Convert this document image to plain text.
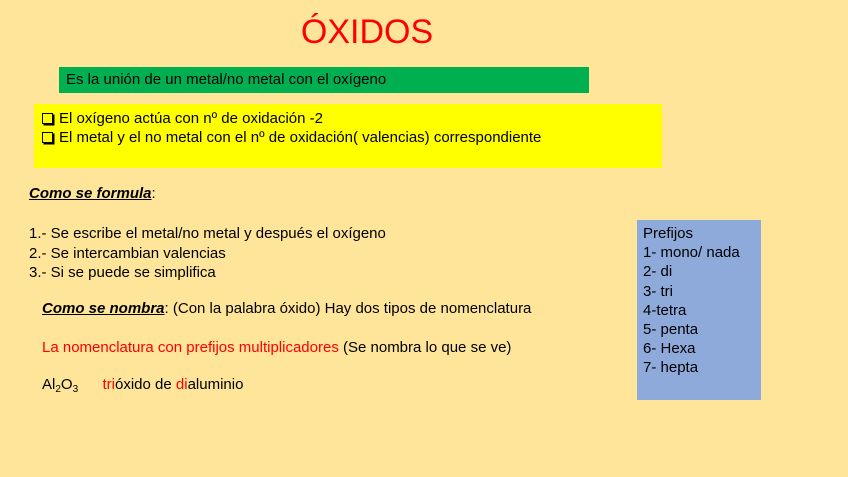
ÓXIDOS
Es la unión de un metal/no metal con el oxígeno
El oxígeno actúa con nº de oxidación -2
El metal y el no metal con el nº de oxidación( valencias) correspondiente
Como se formula:
1.- Se escribe el metal/no metal y después el oxígeno
2.- Se intercambian valencias
3.- Si se puede se simplifica
Como se nombra: (Con la palabra óxido) Hay dos tipos de nomenclatura
La nomenclatura con prefijos multiplicadores (Se nombra lo que se ve)
$Al_2O_3$ trióxido de dialuminio
Prefijos
1- mono/ nada
2- di
3- tri
4-tetra
5- penta
6- Hexa
7- hepta
